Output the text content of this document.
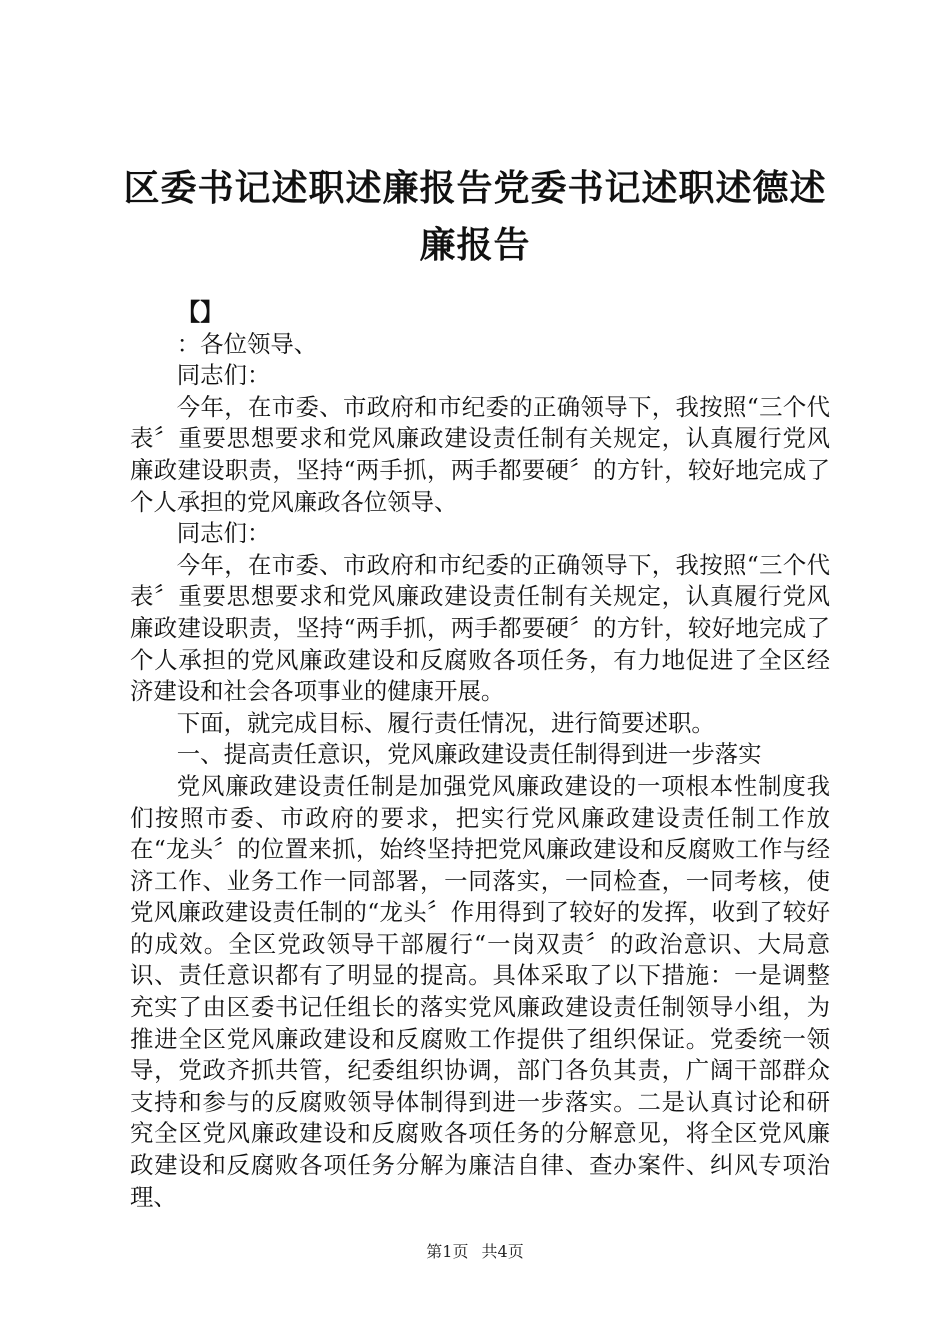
区委书记述职述廉报告党委书记述职述德述廉报告

【】

：各位领导、

同志们：

今年，在市委、市政府和市纪委的正确领导下，我按照“三个代表〞重要思想要求和党风廉政建设责任制有关规定，认真履行党风廉政建设职责，坚持“两手抓，两手都要硬〞的方针，较好地完成了个人承担的党风廉政各位领导、

同志们：

今年，在市委、市政府和市纪委的正确领导下，我按照“三个代表〞重要思想要求和党风廉政建设责任制有关规定，认真履行党风廉政建设职责，坚持“两手抓，两手都要硬〞的方针，较好地完成了个人承担的党风廉政建设和反腐败各项任务，有力地促进了全区经济建设和社会各项事业的健康开展。

下面，就完成目标、履行责任情况，进行简要述职。

一、提高责任意识，党风廉政建设责任制得到进一步落实

党风廉政建设责任制是加强党风廉政建设的一项根本性制度我们按照市委、市政府的要求，把实行党风廉政建设责任制工作放在“龙头〞的位置来抓，始终坚持把党风廉政建设和反腐败工作与经济工作、业务工作一同部署，一同落实，一同检查，一同考核，使党风廉政建设责任制的“龙头〞作用得到了较好的发挥，收到了较好的成效。全区党政领导干部履行“一岗双责〞的政治意识、大局意识、责任意识都有了明显的提高。具体采取了以下措施：一是调整充实了由区委书记任组长的落实党风廉政建设责任制领导小组，为推进全区党风廉政建设和反腐败工作提供了组织保证。党委统一领导，党政齐抓共管，纪委组织协调，部门各负其责，广阔干部群众支持和参与的反腐败领导体制得到进一步落实。二是认真讨论和研究全区党风廉政建设和反腐败各项任务的分解意见，将全区党风廉政建设和反腐败各项任务分解为廉洁自律、查办案件、纠风专项治理、

第1页 共4页
